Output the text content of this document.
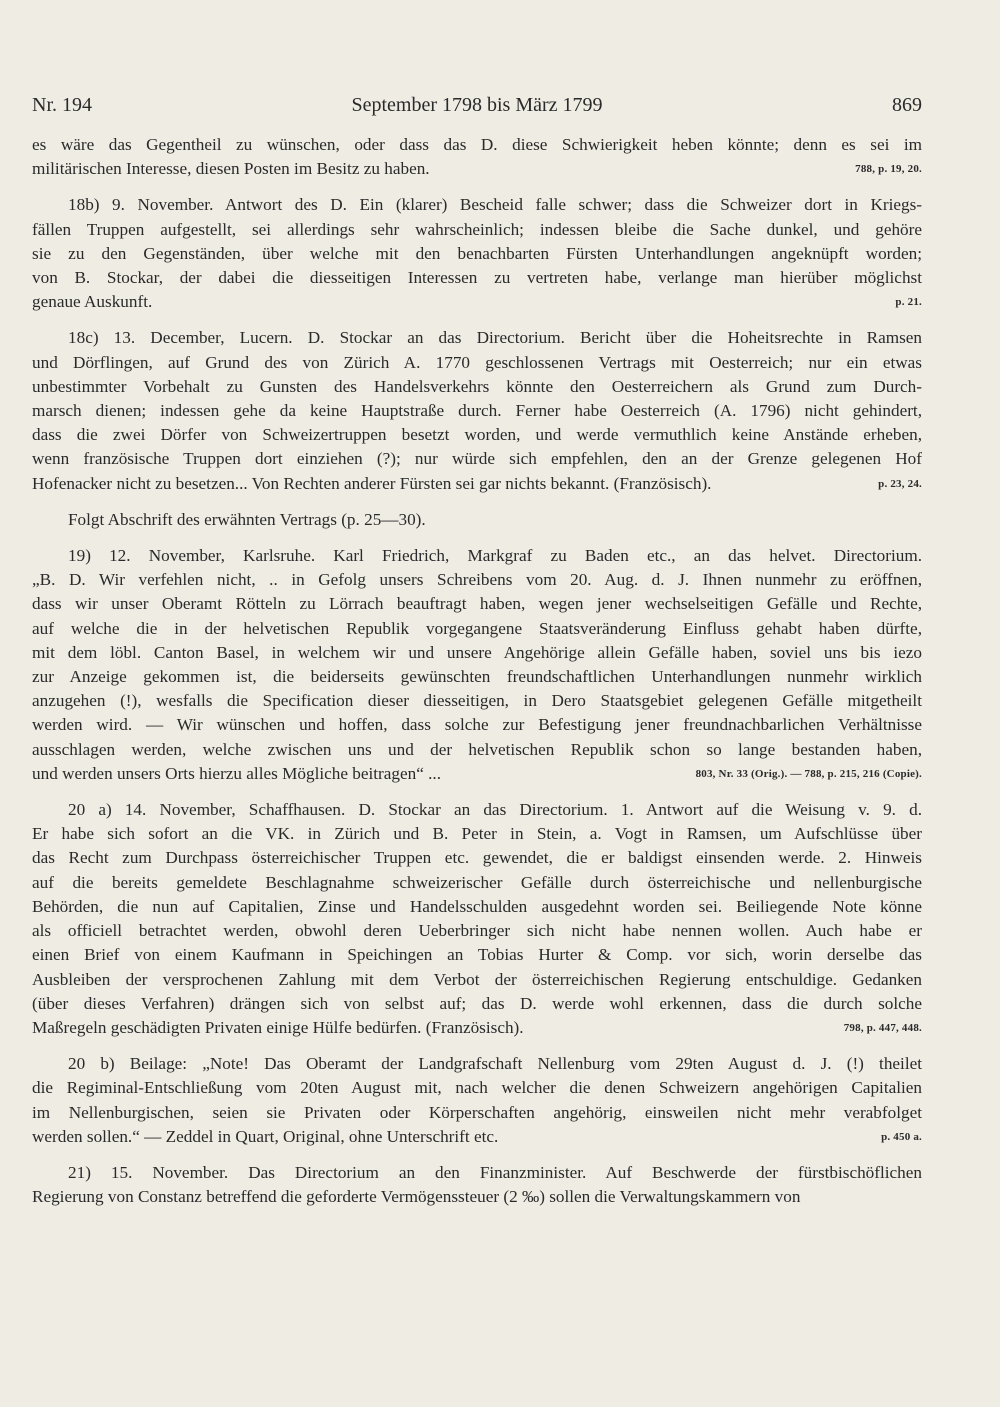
Nr. 194	September 1798 bis März 1799	869
es wäre das Gegentheil zu wünschen, oder dass das D. diese Schwierigkeit heben könnte; denn es sei im
militärischen Interesse, diesen Posten im Besitz zu haben.	788, p. 19, 20.
18b) 9. November. Antwort des D. Ein (klarer) Bescheid falle schwer; dass die Schweizer dort in Kriegs-
fällen Truppen aufgestellt, sei allerdings sehr wahrscheinlich; indessen bleibe die Sache dunkel, und gehöre
sie zu den Gegenständen, über welche mit den benachbarten Fürsten Unterhandlungen angeknüpft worden;
von B. Stockar, der dabei die diesseitigen Interessen zu vertreten habe, verlange man hierüber möglichst
genaue Auskunft.	p. 21.
18c) 13. December, Lucern. D. Stockar an das Directorium. Bericht über die Hoheitsrechte in Ramsen
und Dörflingen, auf Grund des von Zürich A. 1770 geschlossenen Vertrags mit Oesterreich; nur ein etwas
unbestimmter Vorbehalt zu Gunsten des Handelsverkehrs könnte den Oesterreichern als Grund zum Durch-
marsch dienen; indessen gehe da keine Hauptstraße durch. Ferner habe Oesterreich (A. 1796) nicht gehindert,
dass die zwei Dörfer von Schweizertruppen besetzt worden, und werde vermuthlich keine Anstände erheben,
wenn französische Truppen dort einziehen (?); nur würde sich empfehlen, den an der Grenze gelegenen Hof
Hofenacker nicht zu besetzen... Von Rechten anderer Fürsten sei gar nichts bekannt. (Französisch).	p. 23, 24.
Folgt Abschrift des erwähnten Vertrags (p. 25—30).
19) 12. November, Karlsruhe. Karl Friedrich, Markgraf zu Baden etc., an das helvet. Directorium.
„B. D. Wir verfehlen nicht, .. in Gefolg unsers Schreibens vom 20. Aug. d. J. Ihnen nunmehr zu eröffnen,
dass wir unser Oberamt Rötteln zu Lörrach beauftragt haben, wegen jener wechselseitigen Gefälle und Rechte,
auf welche die in der helvetischen Republik vorgegangene Staatsveränderung Einfluss gehabt haben dürfte,
mit dem löbl. Canton Basel, in welchem wir und unsere Angehörige allein Gefälle haben, soviel uns bis iezo
zur Anzeige gekommen ist, die beiderseits gewünschten freundschaftlichen Unterhandlungen nunmehr wirklich
anzugehen (!), wesfalls die Specification dieser diesseitigen, in Dero Staatsgebiet gelegenen Gefälle mitgetheilt
werden wird. — Wir wünschen und hoffen, dass solche zur Befestigung jener freundnachbarlichen Verhältnisse
ausschlagen werden, welche zwischen uns und der helvetischen Republik schon so lange bestanden haben,
und werden unsers Orts hierzu alles Mögliche beitragen“ ...	803, Nr. 33 (Orig.). — 788, p. 215, 216 (Copie).
20 a) 14. November, Schaffhausen. D. Stockar an das Directorium. 1. Antwort auf die Weisung v. 9. d.
Er habe sich sofort an die VK. in Zürich und B. Peter in Stein, a. Vogt in Ramsen, um Aufschlüsse über
das Recht zum Durchpass österreichischer Truppen etc. gewendet, die er baldigst einsenden werde. 2. Hinweis
auf die bereits gemeldete Beschlagnahme schweizerischer Gefälle durch österreichische und nellenburgische
Behörden, die nun auf Capitalien, Zinse und Handelsschulden ausgedehnt worden sei. Beiliegende Note könne
als officiell betrachtet werden, obwohl deren Ueberbringer sich nicht habe nennen wollen. Auch habe er
einen Brief von einem Kaufmann in Speichingen an Tobias Hurter & Comp. vor sich, worin derselbe das
Ausbleiben der versprochenen Zahlung mit dem Verbot der österreichischen Regierung entschuldige. Gedanken
(über dieses Verfahren) drängen sich von selbst auf; das D. werde wohl erkennen, dass die durch solche
Maßregeln geschädigten Privaten einige Hülfe bedürfen. (Französisch).	798, p. 447, 448.
20 b) Beilage: „Note! Das Oberamt der Landgrafschaft Nellenburg vom 29ten August d. J. (!) theilet
die Regiminal-Entschließung vom 20ten August mit, nach welcher die denen Schweizern angehörigen Capitalien
im Nellenburgischen, seien sie Privaten oder Körperschaften angehörig, einsweilen nicht mehr verabfolget
werden sollen.“ — Zeddel in Quart, Original, ohne Unterschrift etc.	p. 450 a.
21) 15. November. Das Directorium an den Finanzminister. Auf Beschwerde der fürstbischöflichen
Regierung von Constanz betreffend die geforderte Vermögenssteuer (2 ‰) sollen die Verwaltungskammern von
